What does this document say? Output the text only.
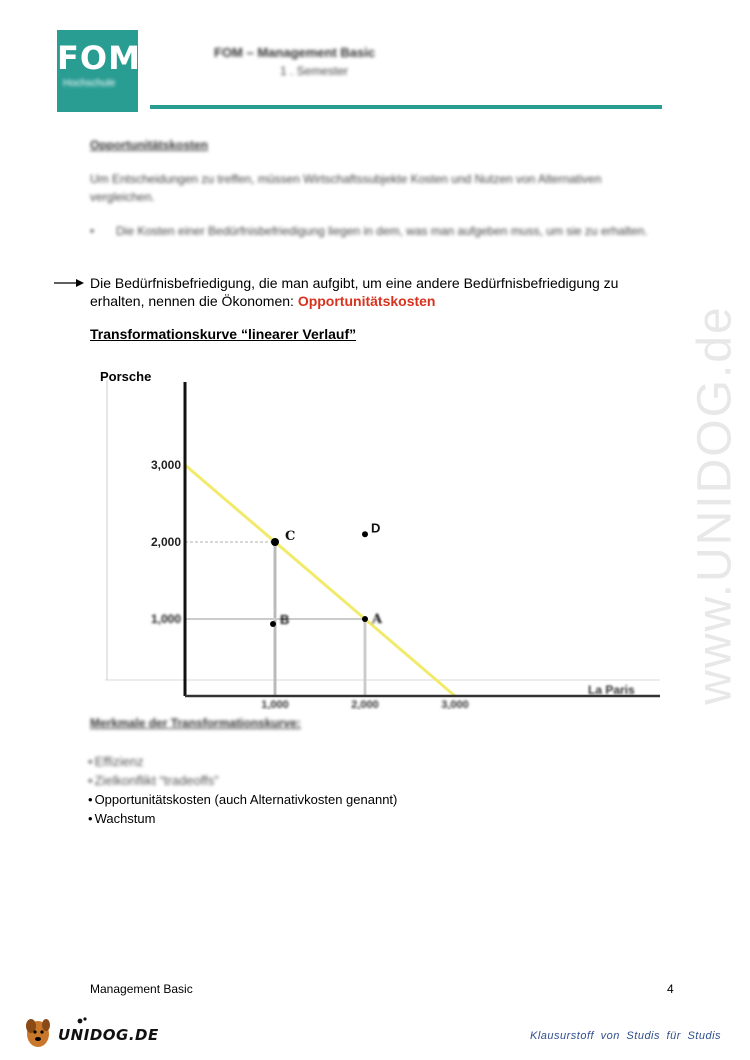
www.UNIDOG.de
FOM
Hochschule
FOM – Management Basic
1 . Semester
Opportunitätskosten
Um Entscheidungen zu treffen, müssen Wirtschaftssubjekte Kosten und Nutzen von Alternativen vergleichen.
•	Die Kosten einer Bedürfnisbefriedigung liegen in dem, was man aufgeben muss, um sie zu erhalten.
Die Bedürfnisbefriedigung, die man aufgibt, um eine andere Bedürfnisbefriedigung zu erhalten, nennen die Ökonomen: Opportunitätskosten
Transformationskurve “linearer Verlauf”
Porsche
1,000
2,000
3,000
1,000	2,000	3,000
La Paris
C
D
B	A
Merkmale der Transformationskurve:
• Effizienz
• Zielkonflikt “tradeoffs”
• Opportunitätskosten (auch Alternativkosten genannt)
• Wachstum
Management Basic	4
UNIDOG.DE	Klausurstoff von Studis für Studis
